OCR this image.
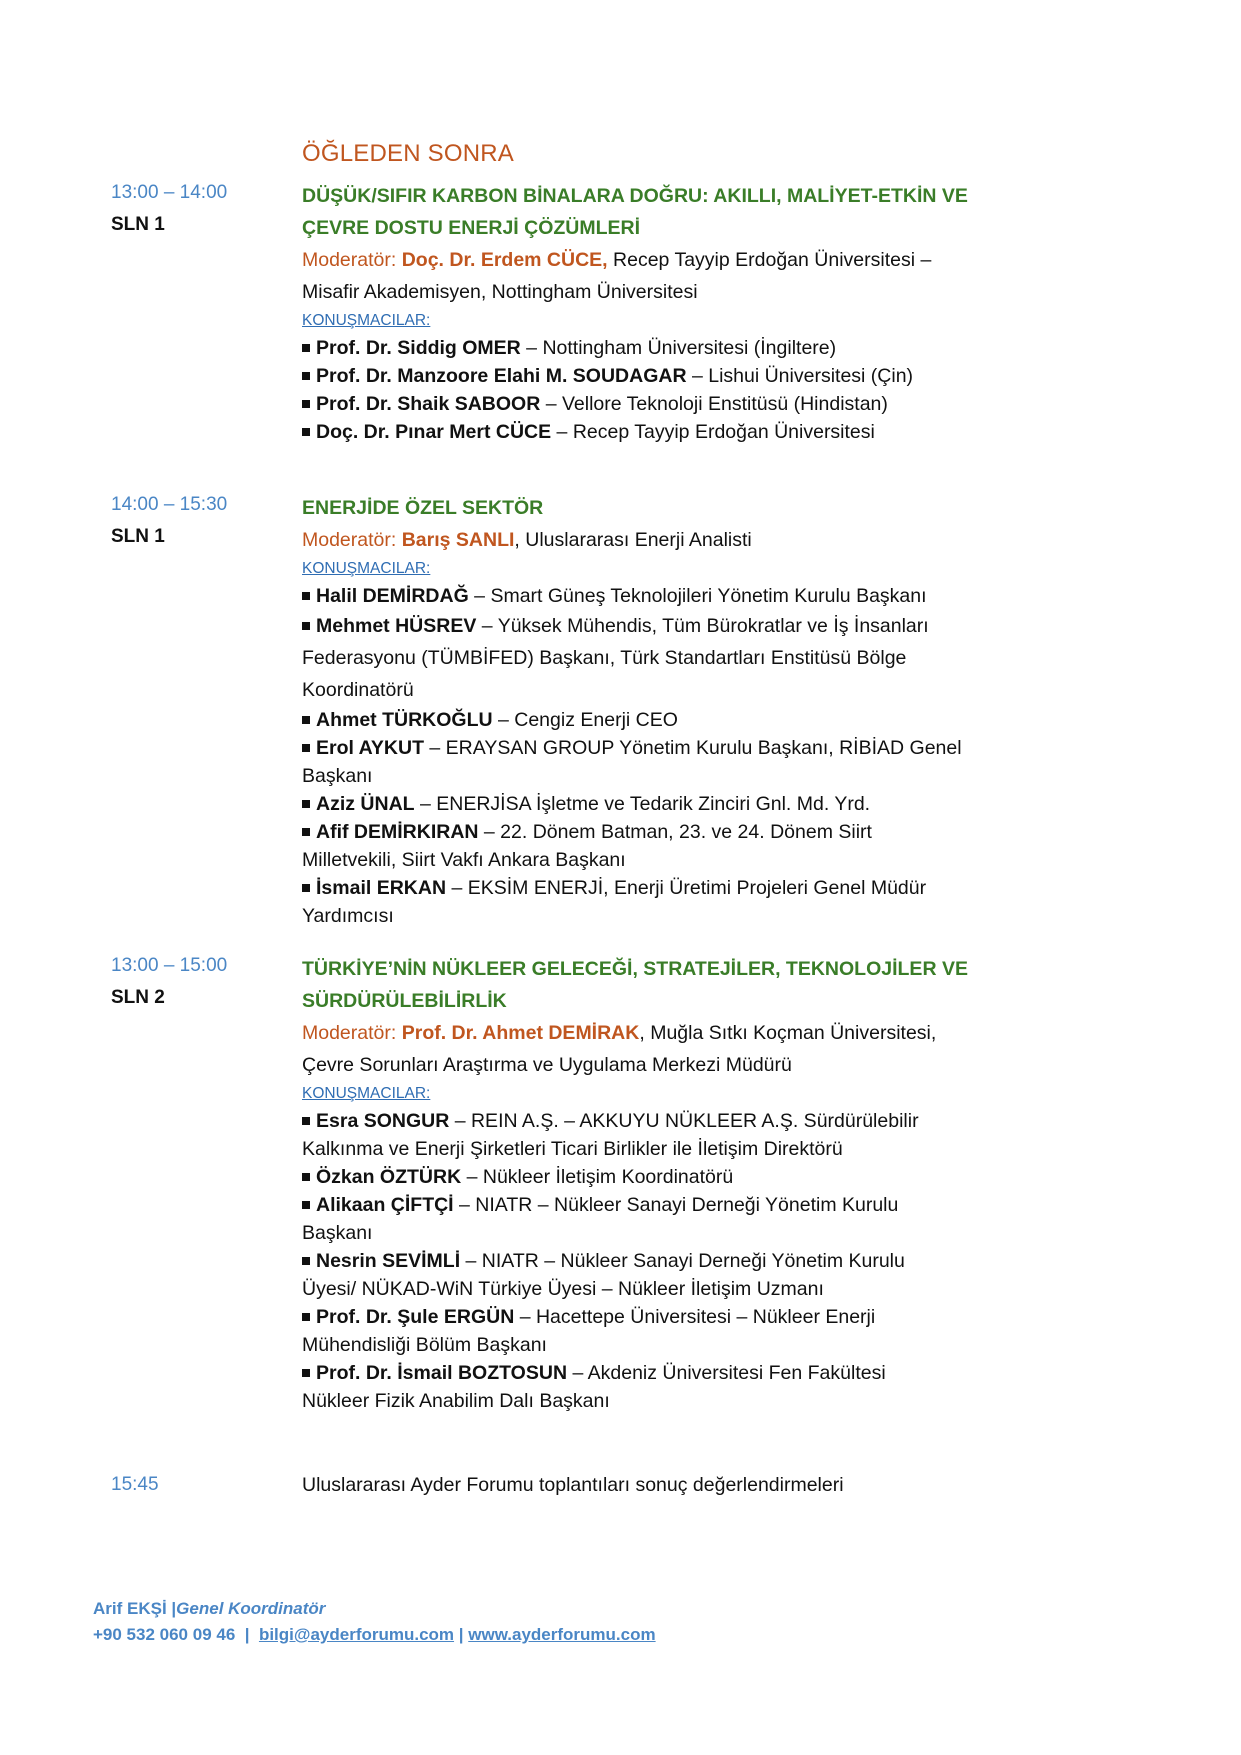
ÖĞLEDEN SONRA
13:00 – 14:00
SLN 1
DÜŞÜK/SIFIR KARBON BİNALARA DOĞRU: AKILLI, MALİYET-ETKİN VE
ÇEVRE DOSTU ENERJİ ÇÖZÜMLERİ
Moderatör: Doç. Dr. Erdem CÜCE, Recep Tayyip Erdoğan Üniversitesi –
Misafir Akademisyen, Nottingham Üniversitesi
KONUŞMACILAR:
Prof. Dr. Siddig OMER – Nottingham Üniversitesi (İngiltere)
Prof. Dr. Manzoore Elahi M. SOUDAGAR – Lishui Üniversitesi (Çin)
Prof. Dr. Shaik SABOOR – Vellore Teknoloji Enstitüsü (Hindistan)
Doç. Dr. Pınar Mert CÜCE – Recep Tayyip Erdoğan Üniversitesi
14:00 – 15:30
SLN 1
ENERJİDE ÖZEL SEKTÖR
Moderatör: Barış SANLI, Uluslararası Enerji Analisti
KONUŞMACILAR:
Halil DEMİRDAĞ – Smart Güneş Teknolojileri Yönetim Kurulu Başkanı
Mehmet HÜSREV – Yüksek Mühendis, Tüm Bürokratlar ve İş İnsanları
Federasyonu (TÜMBİFED) Başkanı, Türk Standartları Enstitüsü Bölge
Koordinatörü
Ahmet TÜRKOĞLU – Cengiz Enerji CEO
Erol AYKUT – ERAYSAN GROUP Yönetim Kurulu Başkanı, RİBİAD Genel
Başkanı
Aziz ÜNAL – ENERJİSA İşletme ve Tedarik Zinciri Gnl. Md. Yrd.
Afif DEMİRKIRAN – 22. Dönem Batman, 23. ve 24. Dönem Siirt
Milletvekili, Siirt Vakfı Ankara Başkanı
İsmail ERKAN – EKSİM ENERJİ, Enerji Üretimi Projeleri Genel Müdür
Yardımcısı
13:00 – 15:00
SLN 2
TÜRKİYE’NİN NÜKLEER GELECEĞİ, STRATEJİLER, TEKNOLOJİLER VE
SÜRDÜRÜLEBİLİRLİK
Moderatör: Prof. Dr. Ahmet DEMİRAK, Muğla Sıtkı Koçman Üniversitesi,
Çevre Sorunları Araştırma ve Uygulama Merkezi Müdürü
KONUŞMACILAR:
Esra SONGUR – REIN A.Ş. – AKKUYU NÜKLEER A.Ş. Sürdürülebilir
Kalkınma ve Enerji Şirketleri Ticari Birlikler ile İletişim Direktörü
Özkan ÖZTÜRK – Nükleer İletişim Koordinatörü
Alikaan ÇİFTÇİ – NIATR – Nükleer Sanayi Derneği Yönetim Kurulu
Başkanı
Nesrin SEVİMLİ – NIATR – Nükleer Sanayi Derneği Yönetim Kurulu
Üyesi/ NÜKAD-WiN Türkiye Üyesi – Nükleer İletişim Uzmanı
Prof. Dr. Şule ERGÜN – Hacettepe Üniversitesi – Nükleer Enerji
Mühendisliği Bölüm Başkanı
Prof. Dr. İsmail BOZTOSUN – Akdeniz Üniversitesi Fen Fakültesi
Nükleer Fizik Anabilim Dalı Başkanı
15:45	Uluslararası Ayder Forumu toplantıları sonuç değerlendirmeleri
Arif EKŞİ |Genel Koordinatör
+90 532 060 09 46  |  bilgi@ayderforumu.com | www.ayderforumu.com
